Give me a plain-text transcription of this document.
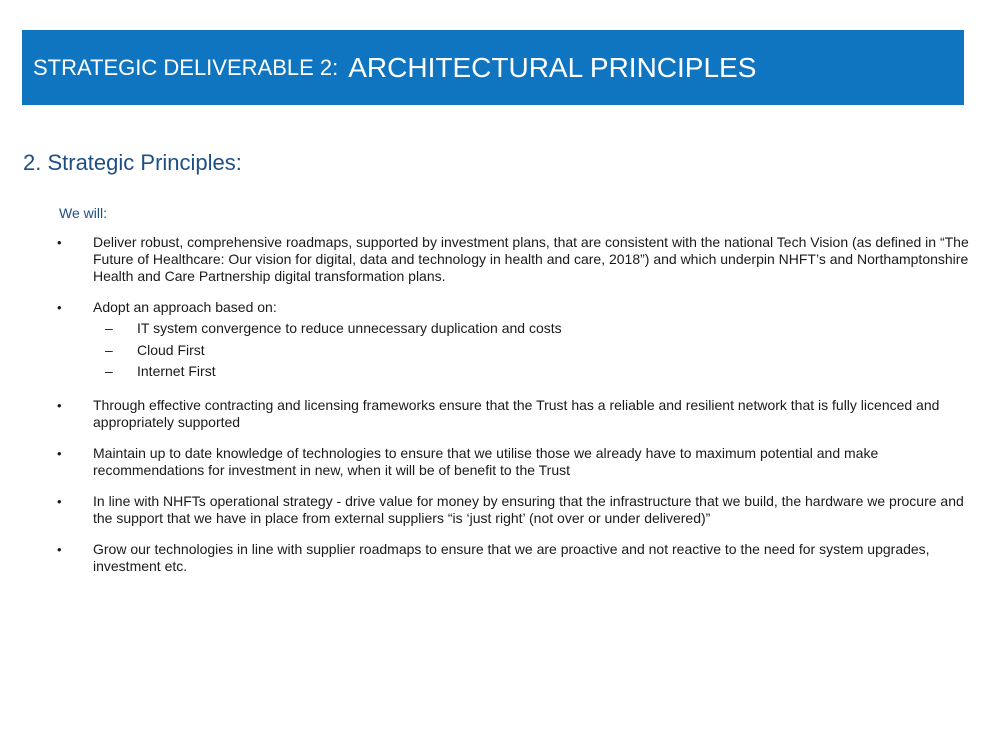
STRATEGIC DELIVERABLE 2: ARCHITECTURAL PRINCIPLES
2. Strategic Principles:
We will:
• Deliver robust, comprehensive roadmaps, supported by investment plans, that are consistent with the national Tech Vision (as defined in “The Future of Healthcare: Our vision for digital, data and technology in health and care, 2018”) and which underpin NHFT’s and Northamptonshire Health and Care Partnership digital transformation plans.
• Adopt an approach based on:
– IT system convergence to reduce unnecessary duplication and costs
– Cloud First
– Internet First
• Through effective contracting and licensing frameworks ensure that the Trust has a reliable and resilient network that is fully licenced and appropriately supported
• Maintain up to date knowledge of technologies to ensure that we utilise those we already have to maximum potential and make recommendations for investment in new, when it will be of benefit to the Trust
• In line with NHFTs operational strategy - drive value for money by ensuring that the infrastructure that we build, the hardware we procure and the support that we have in place from external suppliers “is ‘just right’ (not over or under delivered)”
• Grow our technologies in line with supplier roadmaps to ensure that we are proactive and not reactive to the need for system upgrades, investment etc.
